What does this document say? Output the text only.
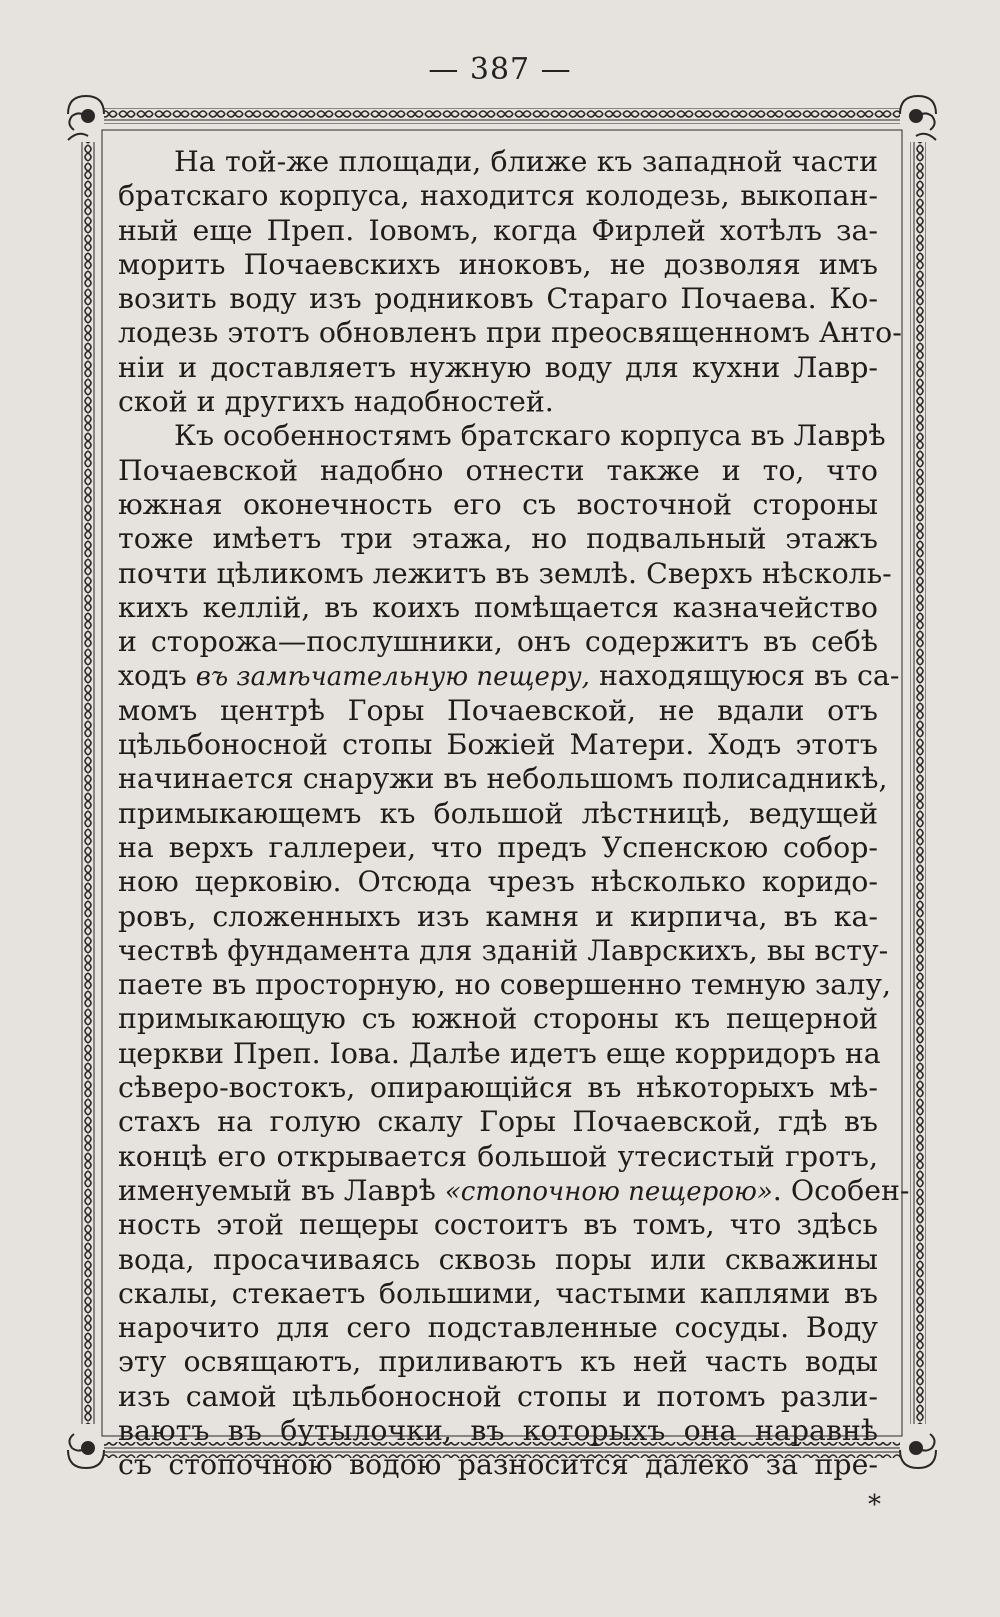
— 387 —
На той-же площади, ближе къ западной части
братскаго корпуса, находится колодезь, выкопан-
ный еще Преп. Іовомъ, когда Фирлей хотѣлъ за-
морить Почаевскихъ иноковъ, не дозволяя имъ
возить воду изъ родниковъ Стараго Почаева. Ко-
лодезь этотъ обновленъ при преосвященномъ Анто-
ніи и доставляетъ нужную воду для кухни Лавр-
ской и другихъ надобностей.
Къ особенностямъ братскаго корпуса въ Лаврѣ
Почаевской надобно отнести также и то, что
южная оконечность его съ восточной стороны
тоже имѣетъ три этажа, но подвальный этажъ
почти цѣликомъ лежитъ въ землѣ. Сверхъ нѣсколь-
кихъ келлій, въ коихъ помѣщается казначейство
и сторожа—послушники, онъ содержитъ въ себѣ
ходъ въ замѣчательную пещеру, находящуюся въ са-
момъ центрѣ Горы Почаевской, не вдали отъ
цѣльбоносной стопы Божіей Матери. Ходъ этотъ
начинается снаружи въ небольшомъ полисадникѣ,
примыкающемъ къ большой лѣстницѣ, ведущей
на верхъ галлереи, что предъ Успенскою собор-
ною церковію. Отсюда чрезъ нѣсколько коридо-
ровъ, сложенныхъ изъ камня и кирпича, въ ка-
чествѣ фундамента для зданій Лаврскихъ, вы всту-
паете въ просторную, но совершенно темную залу,
примыкающую съ южной стороны къ пещерной
церкви Преп. Іова. Далѣе идетъ еще корридоръ на
сѣверо-востокъ, опирающійся въ нѣкоторыхъ мѣ-
стахъ на голую скалу Горы Почаевской, гдѣ въ
концѣ его открывается большой утесистый гротъ,
именуемый въ Лаврѣ «стопочною пещерою». Особен-
ность этой пещеры состоитъ въ томъ, что здѣсь
вода, просачиваясь сквозь поры или скважины
скалы, стекаетъ большими, частыми каплями въ
нарочито для сего подставленные сосуды. Воду
эту освящаютъ, приливаютъ къ ней часть воды
изъ самой цѣльбоносной стопы и потомъ разли-
ваютъ въ бутылочки, въ которыхъ она наравнѣ
съ стопочною водою разносится далеко за пре-
*
